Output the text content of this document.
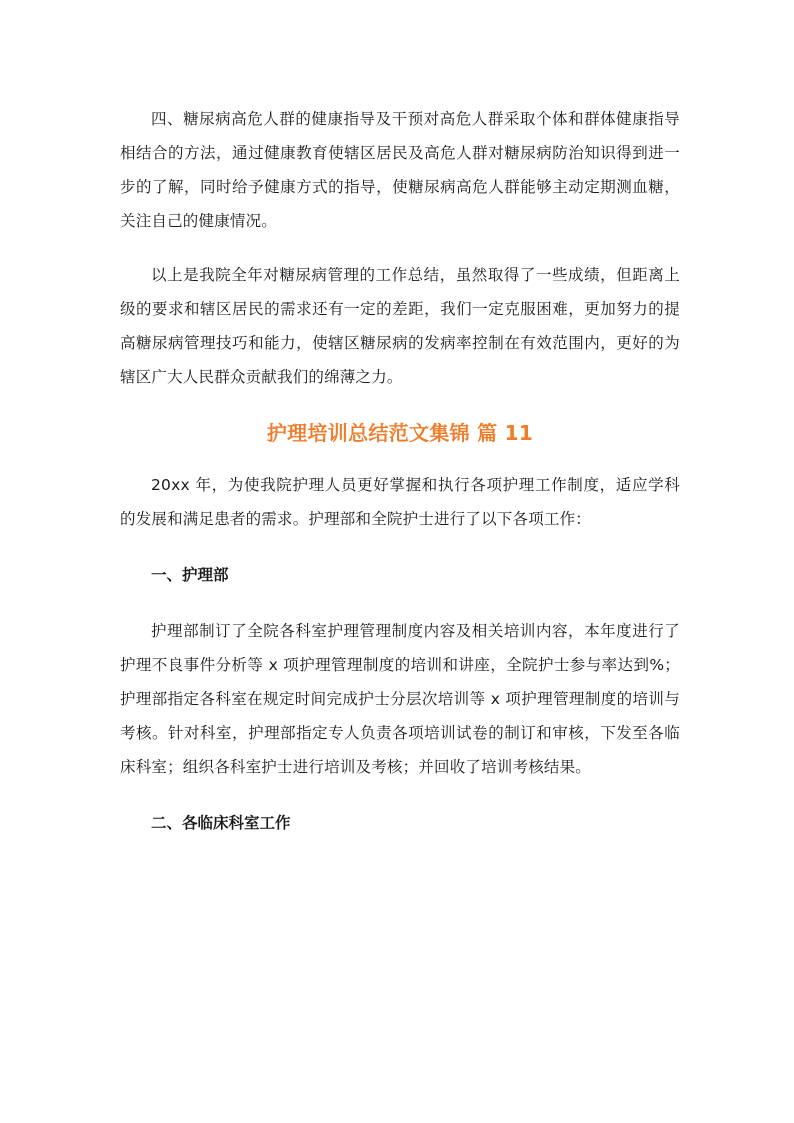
四、糖尿病高危人群的健康指导及干预对高危人群采取个体和群体健康指导相结合的方法，通过健康教育使辖区居民及高危人群对糖尿病防治知识得到进一步的了解，同时给予健康方式的指导，使糖尿病高危人群能够主动定期测血糖，关注自己的健康情况。

以上是我院全年对糖尿病管理的工作总结，虽然取得了一些成绩，但距离上级的要求和辖区居民的需求还有一定的差距，我们一定克服困难，更加努力的提高糖尿病管理技巧和能力，使辖区糖尿病的发病率控制在有效范围内，更好的为辖区广大人民群众贡献我们的绵薄之力。

护理培训总结范文集锦 篇 11

20xx 年，为使我院护理人员更好掌握和执行各项护理工作制度，适应学科的发展和满足患者的需求。护理部和全院护士进行了以下各项工作：

一、护理部

护理部制订了全院各科室护理管理制度内容及相关培训内容，本年度进行了护理不良事件分析等 x 项护理管理制度的培训和讲座，全院护士参与率达到%；护理部指定各科室在规定时间完成护士分层次培训等 x 项护理管理制度的培训与考核。针对科室，护理部指定专人负责各项培训试卷的制订和审核，下发至各临床科室；组织各科室护士进行培训及考核；并回收了培训考核结果。

二、各临床科室工作
